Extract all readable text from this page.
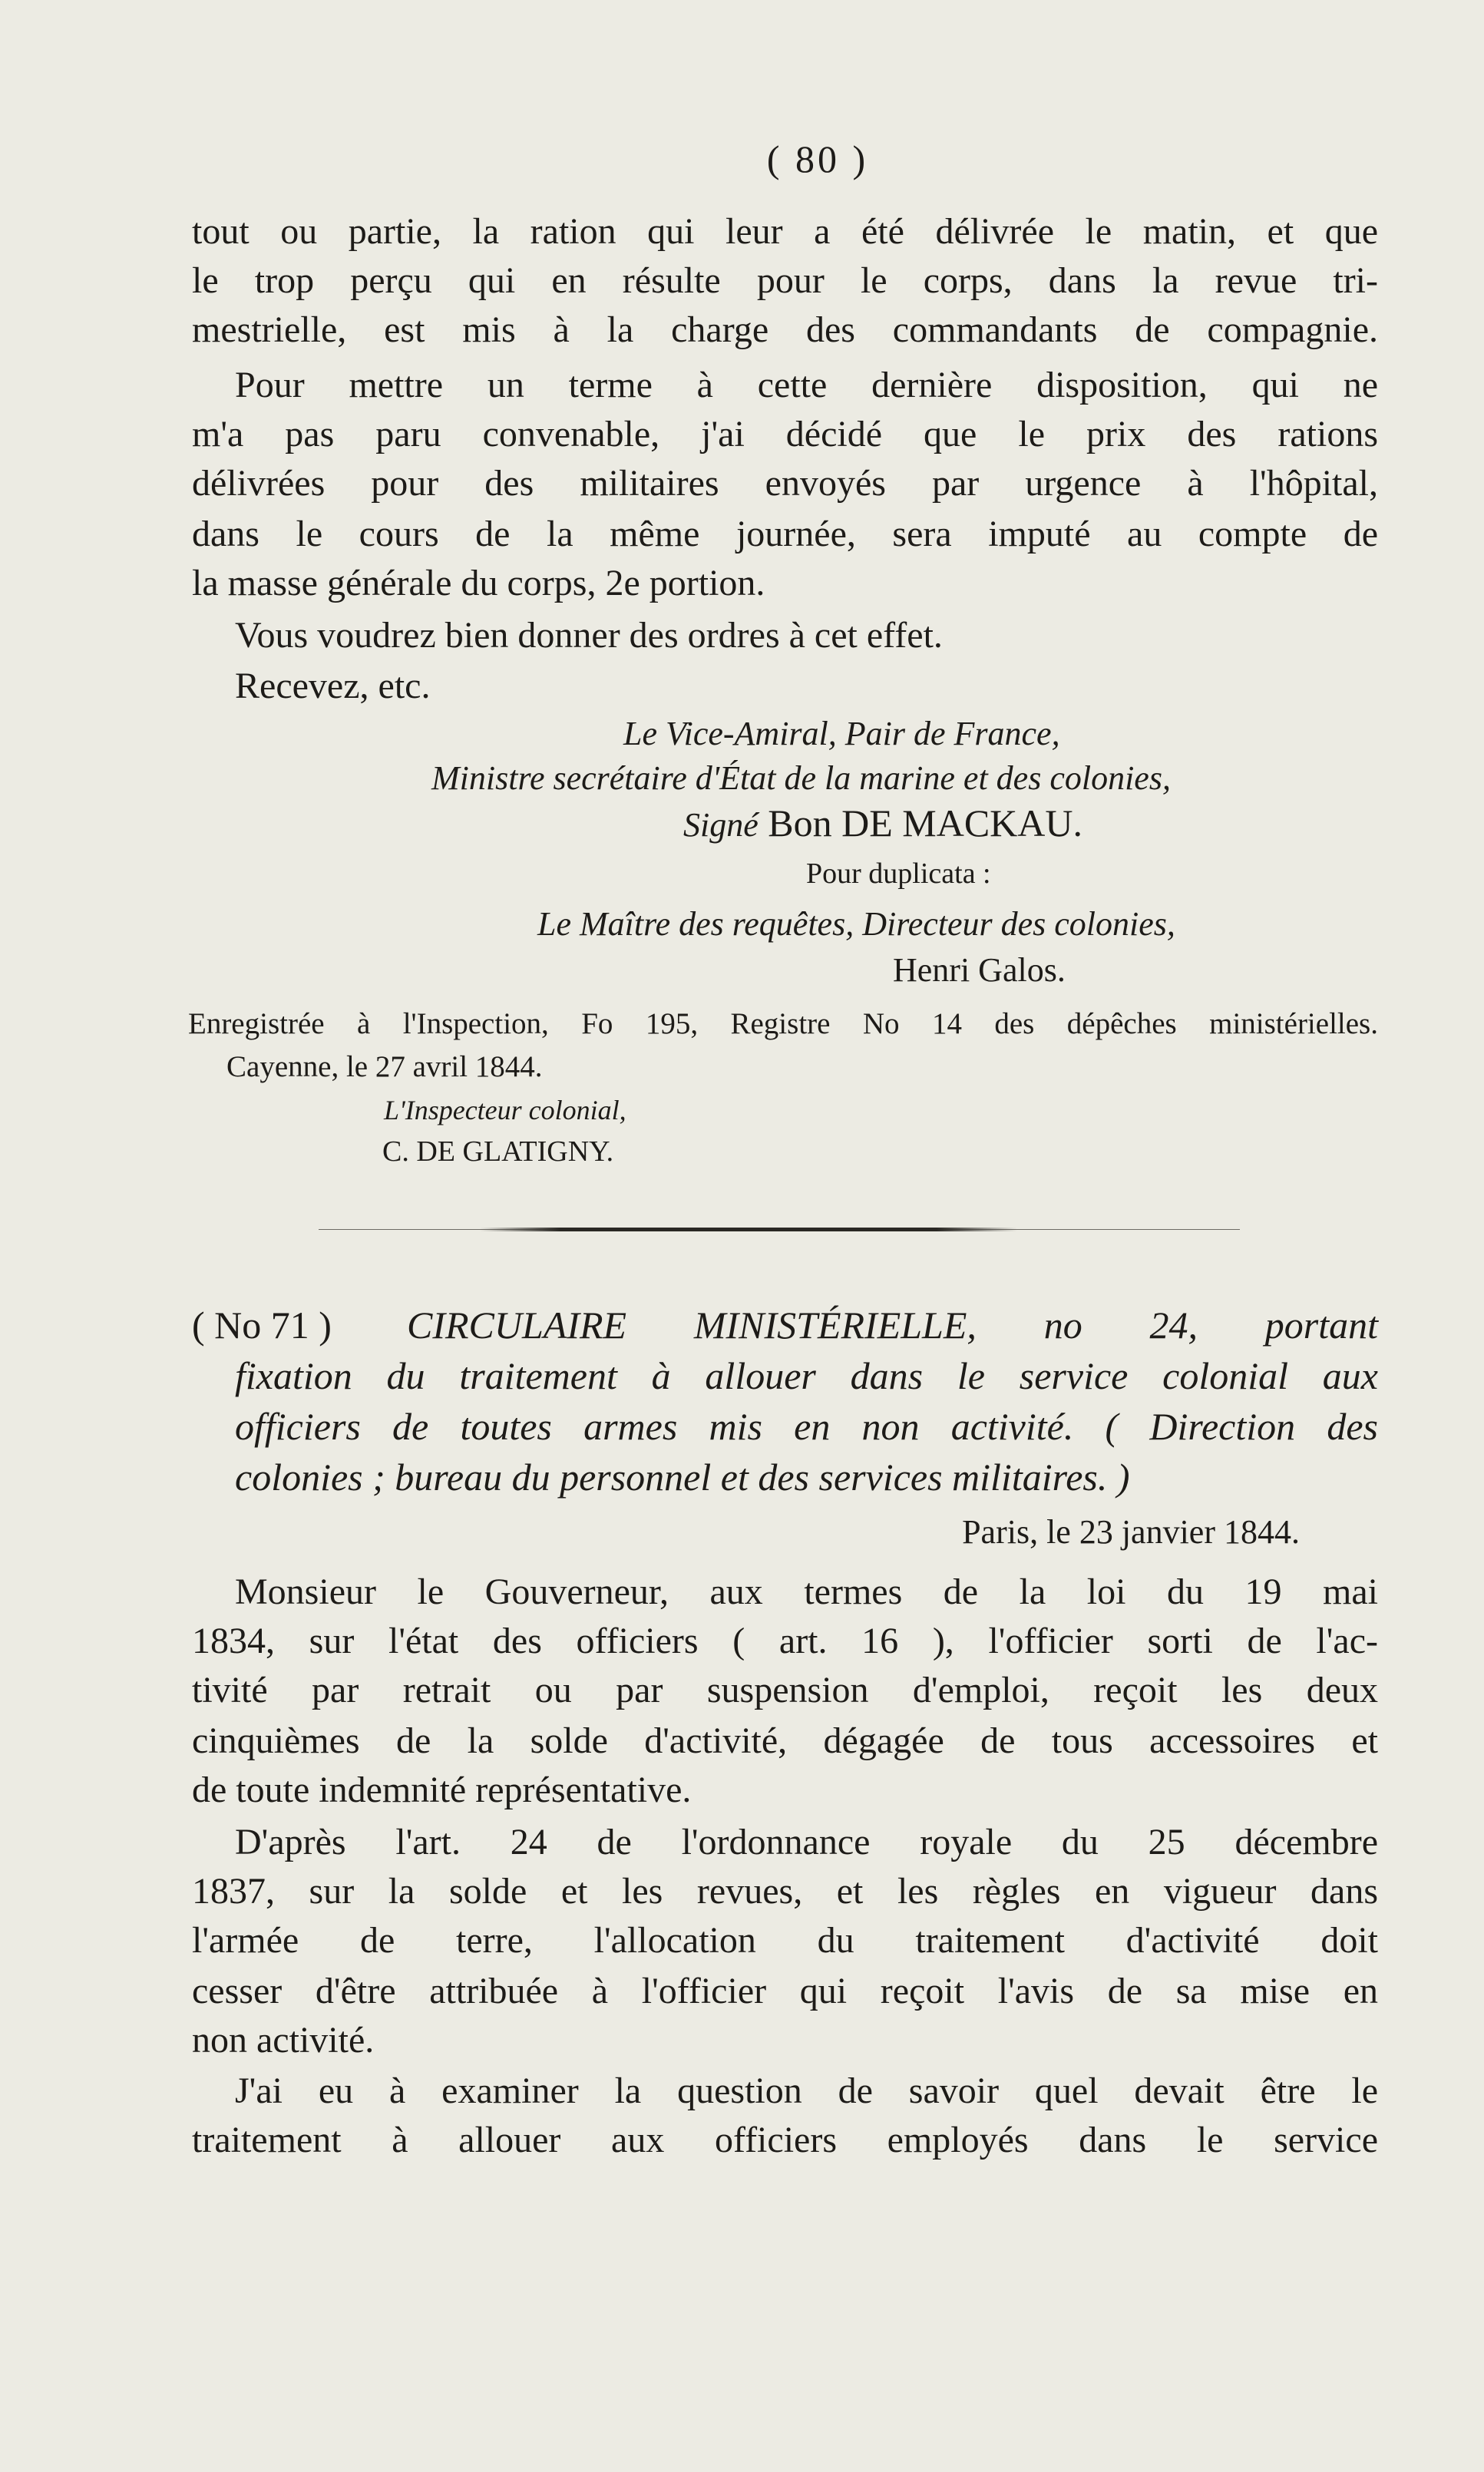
( 80 )
tout ou partie, la ration qui leur a été délivrée le matin, et que
le trop perçu qui en résulte pour le corps, dans la revue tri-
mestrielle, est mis à la charge des commandants de compagnie.
Pour mettre un terme à cette dernière disposition, qui ne
m'a pas paru convenable, j'ai décidé que le prix des rations
délivrées pour des militaires envoyés par urgence à l'hôpital,
dans le cours de la même journée, sera imputé au compte de
la masse générale du corps, 2e portion.
Vous voudrez bien donner des ordres à cet effet.
Recevez, etc.
Le Vice-Amiral, Pair de France,
Ministre secrétaire d'État de la marine et des colonies,
Signé Bon DE MACKAU.
Pour duplicata :
Le Maître des requêtes, Directeur des colonies,
Henri Galos.
Enregistrée à l'Inspection, Fo 195, Registre No 14 des dépêches ministérielles.
Cayenne, le 27 avril 1844.
L'Inspecteur colonial,
C. DE GLATIGNY.
( No 71 ) CIRCULAIRE MINISTÉRIELLE, no 24, portant
fixation du traitement à allouer dans le service colonial aux
officiers de toutes armes mis en non activité. ( Direction des
colonies ; bureau du personnel et des services militaires. )
Paris, le 23 janvier 1844.
Monsieur le Gouverneur, aux termes de la loi du 19 mai
1834, sur l'état des officiers ( art. 16 ), l'officier sorti de l'ac-
tivité par retrait ou par suspension d'emploi, reçoit les deux
cinquièmes de la solde d'activité, dégagée de tous accessoires et
de toute indemnité représentative.
D'après l'art. 24 de l'ordonnance royale du 25 décembre
1837, sur la solde et les revues, et les règles en vigueur dans
l'armée de terre, l'allocation du traitement d'activité doit
cesser d'être attribuée à l'officier qui reçoit l'avis de sa mise en
non activité.
J'ai eu à examiner la question de savoir quel devait être le
traitement à allouer aux officiers employés dans le service
